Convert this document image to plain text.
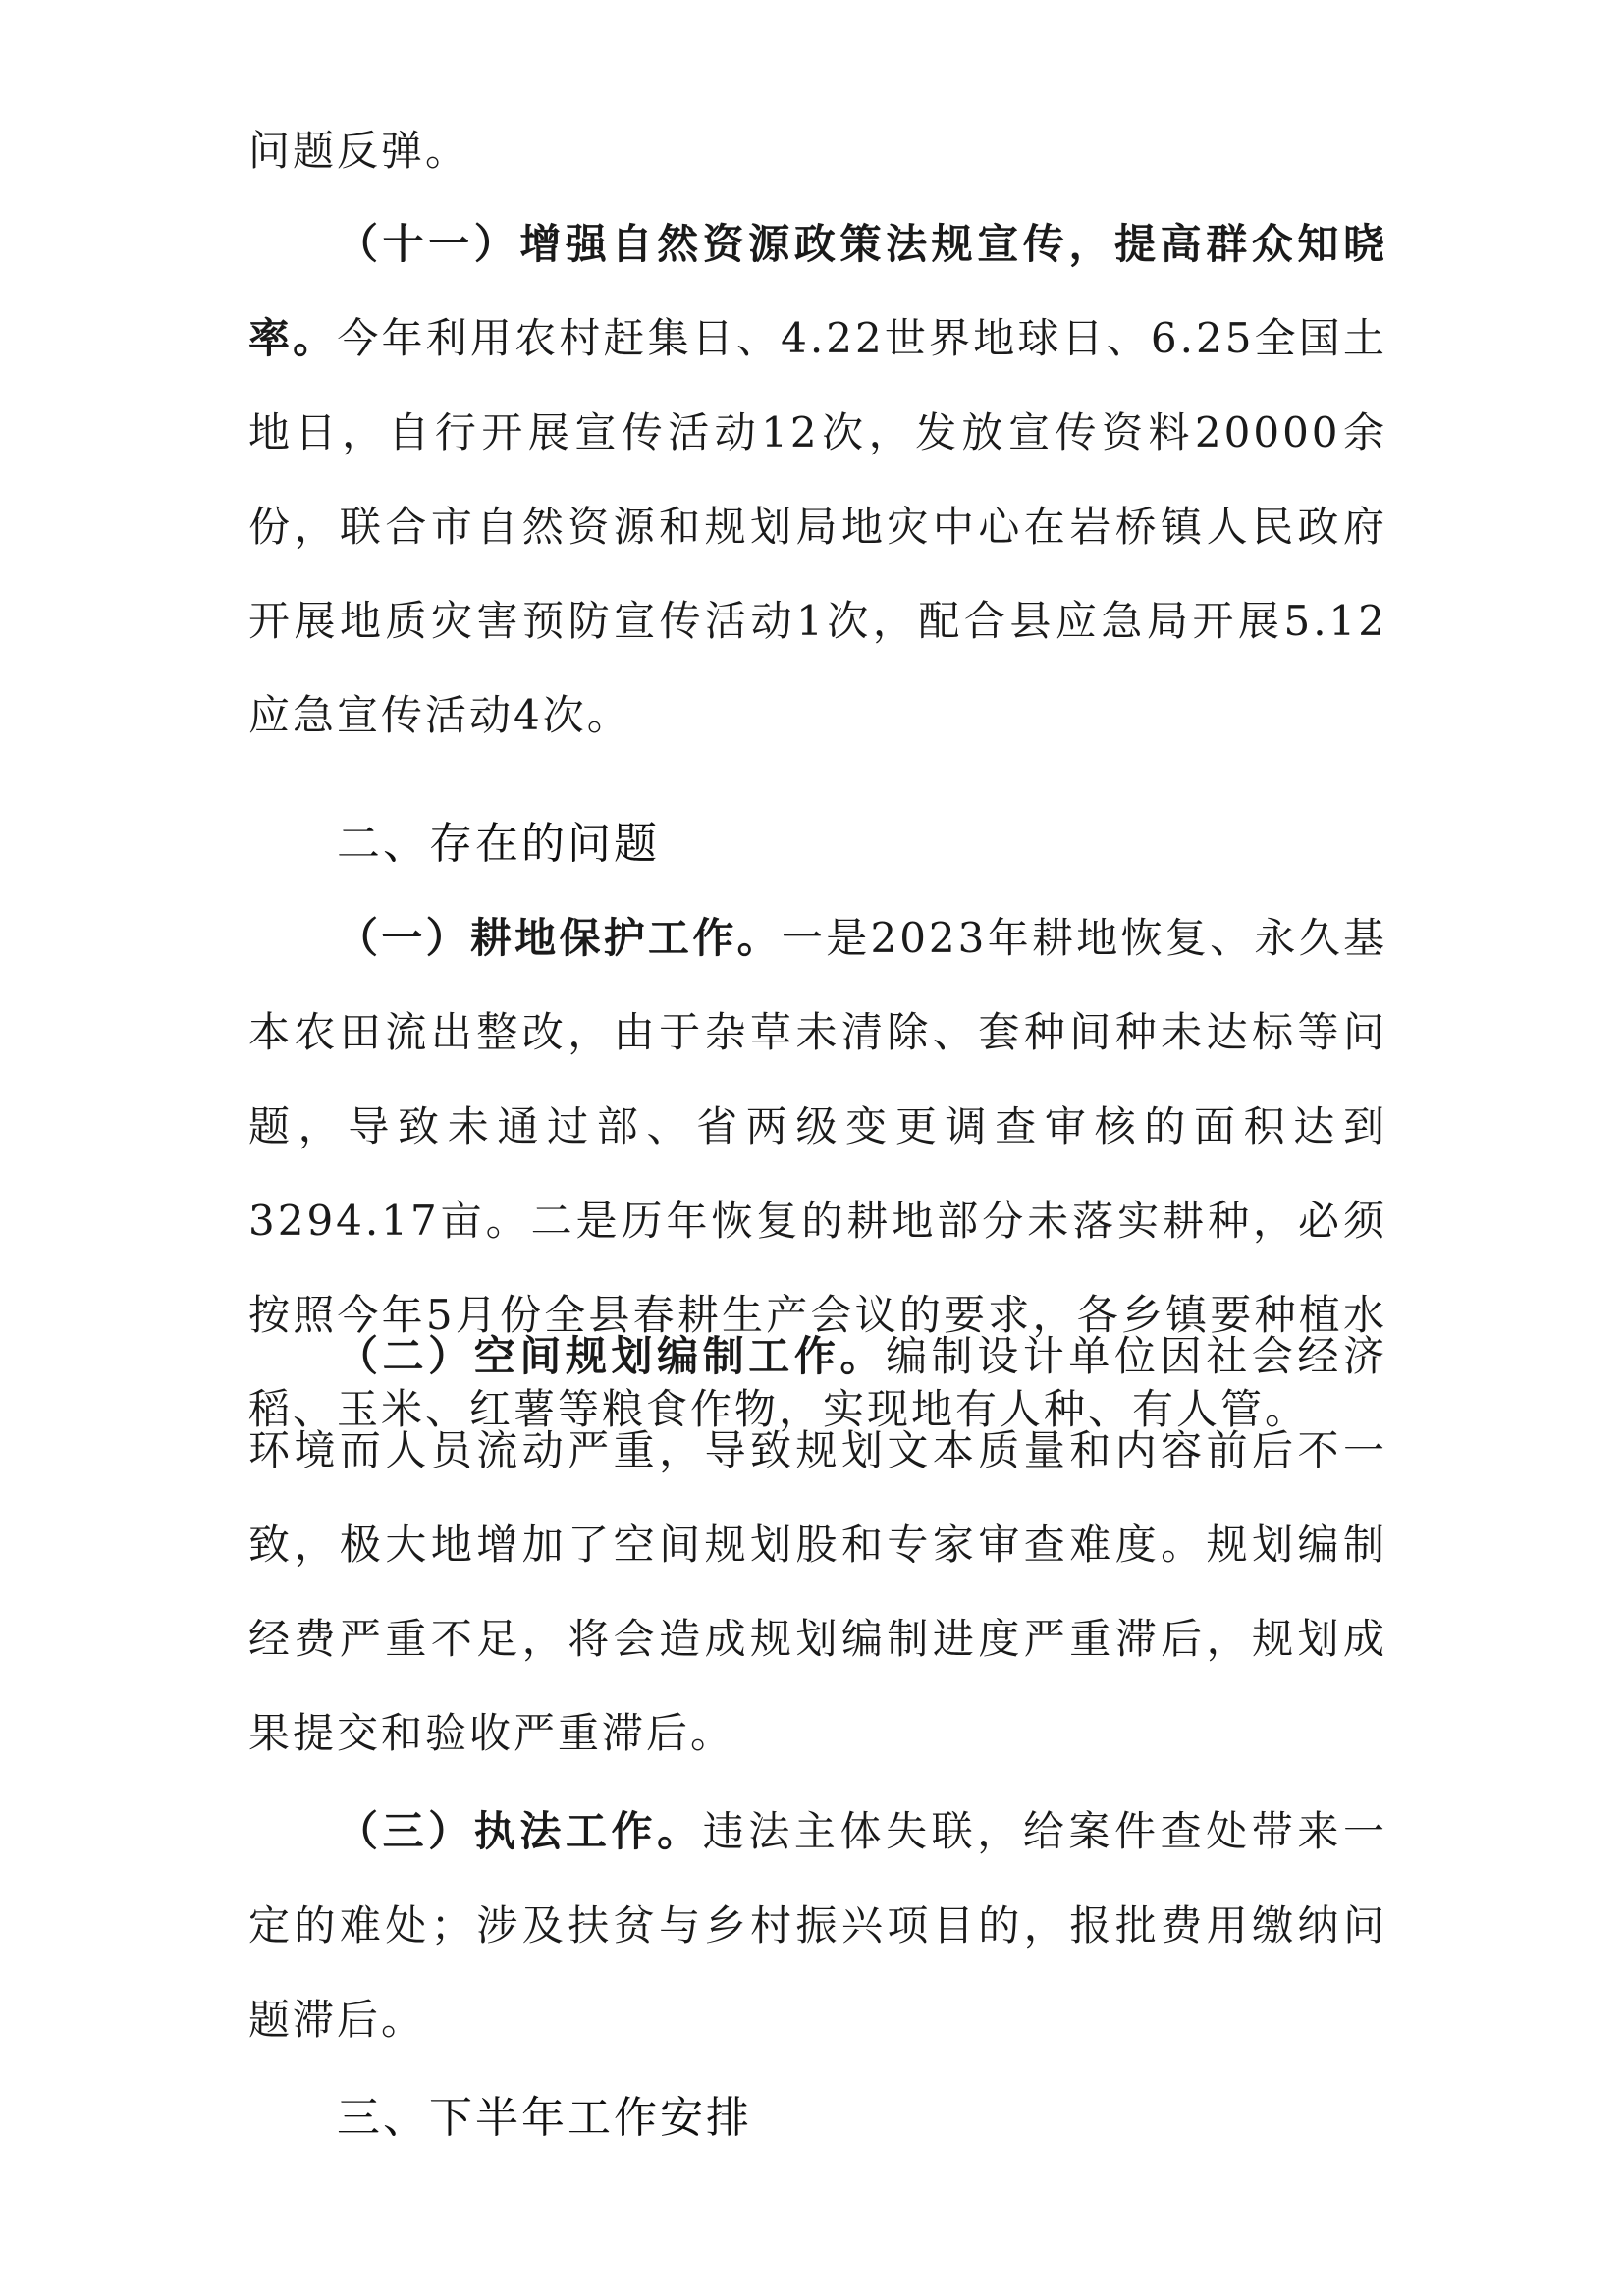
问题反弹。

（十一）增强自然资源政策法规宣传，提高群众知晓率。今年利用农村赶集日、4.22世界地球日、6.25全国土地日，自行开展宣传活动12次，发放宣传资料20000余份，联合市自然资源和规划局地灾中心在岩桥镇人民政府开展地质灾害预防宣传活动1次，配合县应急局开展5.12应急宣传活动4次。

二、存在的问题

（一）耕地保护工作。一是2023年耕地恢复、永久基本农田流出整改，由于杂草未清除、套种间种未达标等问题，导致未通过部、省两级变更调查审核的面积达到3294.17亩。二是历年恢复的耕地部分未落实耕种，必须按照今年5月份全县春耕生产会议的要求，各乡镇要种植水稻、玉米、红薯等粮食作物，实现地有人种、有人管。

（二）空间规划编制工作。编制设计单位因社会经济环境而人员流动严重，导致规划文本质量和内容前后不一致，极大地增加了空间规划股和专家审查难度。规划编制经费严重不足，将会造成规划编制进度严重滞后，规划成果提交和验收严重滞后。

（三）执法工作。违法主体失联，给案件查处带来一定的难处；涉及扶贫与乡村振兴项目的，报批费用缴纳问题滞后。

三、下半年工作安排
